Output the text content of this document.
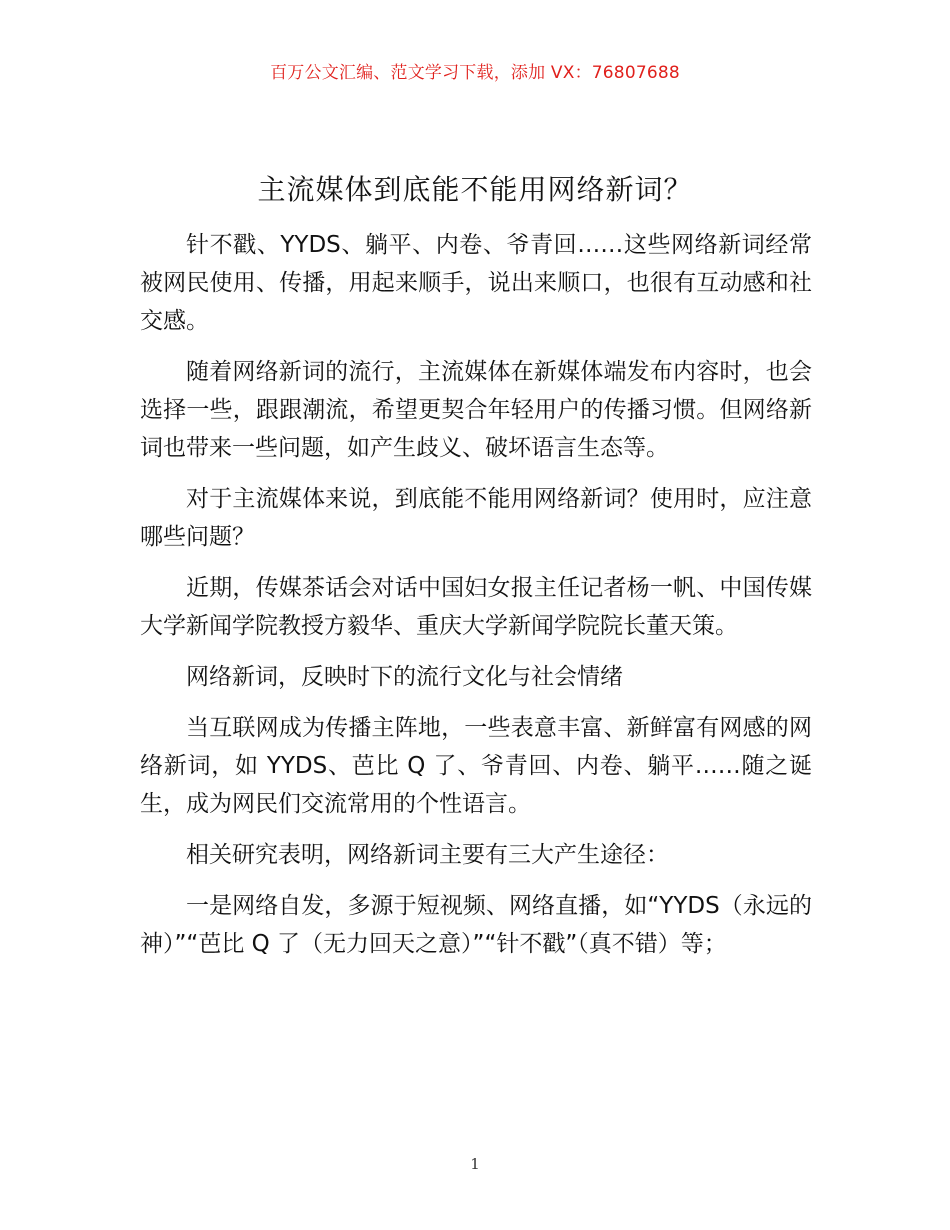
百万公文汇编、范文学习下载，添加 VX：76807688
主流媒体到底能不能用网络新词？

针不戳、YYDS、躺平、内卷、爷青回……这些网络新词经常被网民使用、传播，用起来顺手，说出来顺口，也很有互动感和社交感。

随着网络新词的流行，主流媒体在新媒体端发布内容时，也会选择一些，跟跟潮流，希望更契合年轻用户的传播习惯。但网络新词也带来一些问题，如产生歧义、破坏语言生态等。

对于主流媒体来说，到底能不能用网络新词？使用时，应注意哪些问题？

近期，传媒茶话会对话中国妇女报主任记者杨一帆、中国传媒大学新闻学院教授方毅华、重庆大学新闻学院院长董天策。

网络新词，反映时下的流行文化与社会情绪

当互联网成为传播主阵地，一些表意丰富、新鲜富有网感的网络新词，如 YYDS、芭比 Q 了、爷青回、内卷、躺平……随之诞生，成为网民们交流常用的个性语言。

相关研究表明，网络新词主要有三大产生途径：

一是网络自发，多源于短视频、网络直播，如“YYDS（永远的神）”“芭比 Q 了（无力回天之意）”“针不戳”（真不错）等；

1
